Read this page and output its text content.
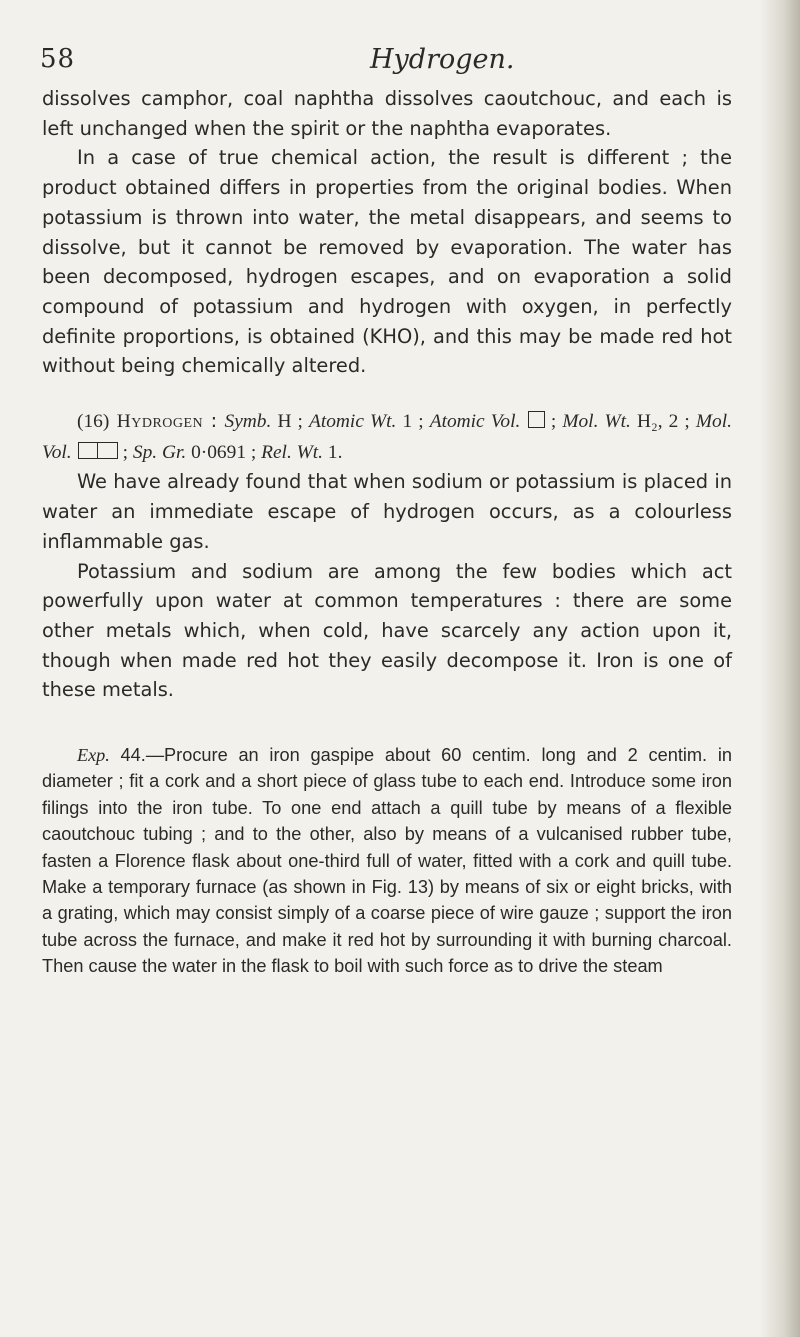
58	Hydrogen.

dissolves camphor, coal naphtha dissolves caoutchouc, and each is left unchanged when the spirit or the naphtha evaporates.

In a case of true chemical action, the result is different ; the product obtained differs in properties from the original bodies. When potassium is thrown into water, the metal disappears, and seems to dissolve, but it cannot be removed by evaporation. The water has been decomposed, hydrogen escapes, and on evaporation a solid compound of potassium and hydrogen with oxygen, in perfectly definite proportions, is obtained (KHO), and this may be made red hot without being chemically altered.

(16) Hydrogen : Symb. H ; Atomic Wt. 1 ; Atomic Vol.  ; Mol. Wt. H₂, 2 ; Mol. Vol.  ; Sp. Gr. 0·0691 ; Rel. Wt. 1.

We have already found that when sodium or potassium is placed in water an immediate escape of hydrogen occurs, as a colourless inflammable gas.

Potassium and sodium are among the few bodies which act powerfully upon water at common temperatures : there are some other metals which, when cold, have scarcely any action upon it, though when made red hot they easily decompose it. Iron is one of these metals.

Exp. 44.—Procure an iron gaspipe about 60 centim. long and 2 centim. in diameter ; fit a cork and a short piece of glass tube to each end. Introduce some iron filings into the iron tube. To one end attach a quill tube by means of a flexible caoutchouc tubing ; and to the other, also by means of a vulcanised rubber tube, fasten a Florence flask about one-third full of water, fitted with a cork and quill tube. Make a temporary furnace (as shown in Fig. 13) by means of six or eight bricks, with a grating, which may consist simply of a coarse piece of wire gauze ; support the iron tube across the furnace, and make it red hot by surrounding it with burning charcoal. Then cause the water in the flask to boil with such force as to drive the steam
